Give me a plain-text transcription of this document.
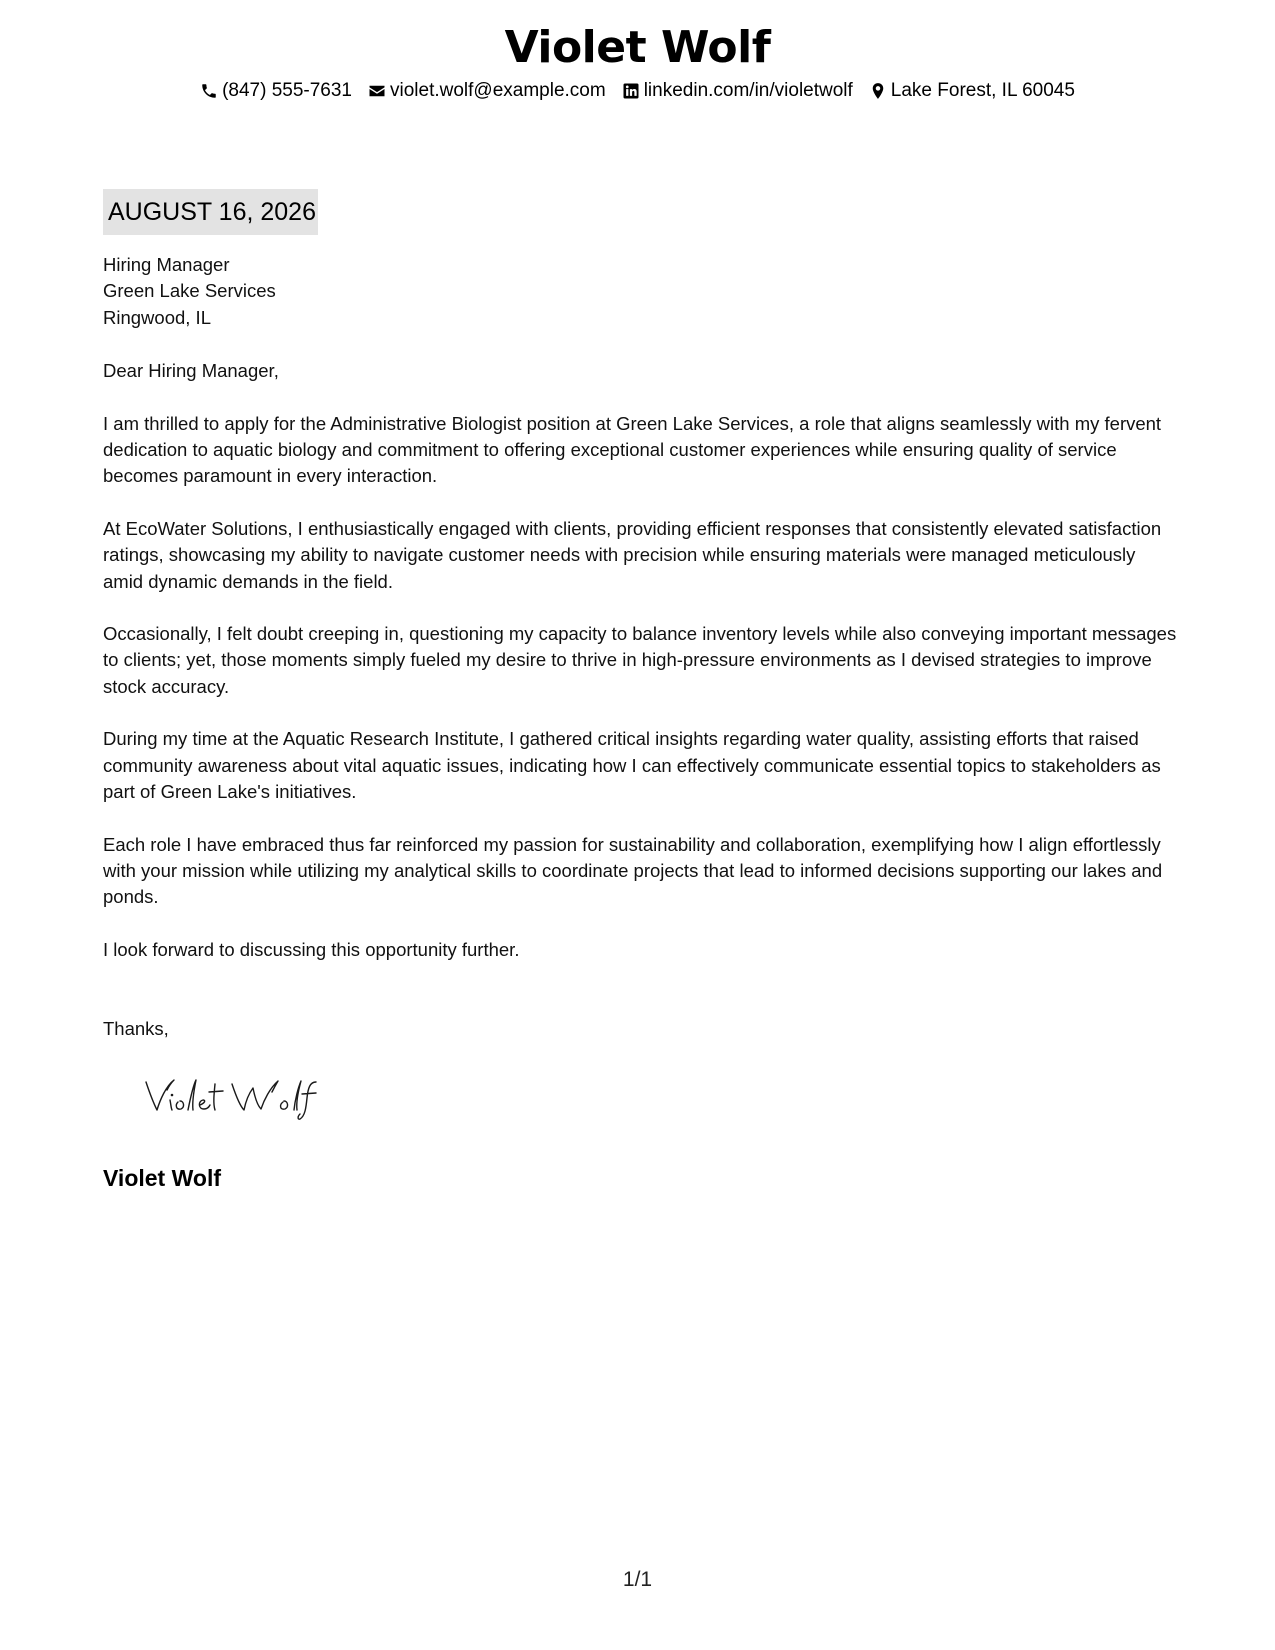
Violet Wolf
(847) 555-7631 violet.wolf@example.com linkedin.com/in/violetwolf Lake Forest, IL 60045
AUGUST 16, 2026
Hiring Manager
Green Lake Services
Ringwood, IL
Dear Hiring Manager,

I am thrilled to apply for the Administrative Biologist position at Green Lake Services, a role that aligns seamlessly with my fervent dedication to aquatic biology and commitment to offering exceptional customer experiences while ensuring quality of service becomes paramount in every interaction.

At EcoWater Solutions, I enthusiastically engaged with clients, providing efficient responses that consistently elevated satisfaction ratings, showcasing my ability to navigate customer needs with precision while ensuring materials were managed meticulously amid dynamic demands in the field.

Occasionally, I felt doubt creeping in, questioning my capacity to balance inventory levels while also conveying important messages to clients; yet, those moments simply fueled my desire to thrive in high-pressure environments as I devised strategies to improve stock accuracy.

During my time at the Aquatic Research Institute, I gathered critical insights regarding water quality, assisting efforts that raised community awareness about vital aquatic issues, indicating how I can effectively communicate essential topics to stakeholders as part of Green Lake's initiatives.

Each role I have embraced thus far reinforced my passion for sustainability and collaboration, exemplifying how I align effortlessly with your mission while utilizing my analytical skills to coordinate projects that lead to informed decisions supporting our lakes and ponds.

I look forward to discussing this opportunity further.

Thanks,
Violet Wolf
1/1
